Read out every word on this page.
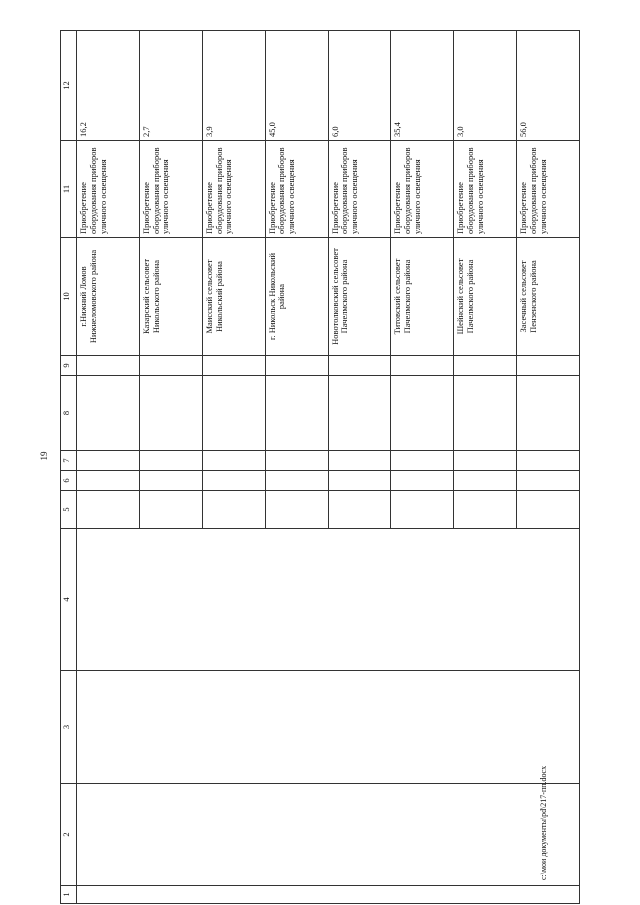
19
1	2	3	4	5	6	7	8	9	10	11	12
									г.Нижний Ломов Нижнеломовского района	Приобретение оборудования приборов уличного освещения	16,2
									Казарский сельсовет Никольского района	Приобретение оборудования приборов уличного освещения	2,7
									Маисский сельсовет Никольский района	Приобретение оборудования приборов уличного освещения	3,9
									г. Никольск Никольский района	Приобретение оборудования приборов уличного освещения	45,0
									Новотолковский сельсовет Пачелмского района	Приобретение оборудования приборов уличного освещения	6,0
									Титовский сельсовет Пачелмского района	Приобретение оборудования приборов уличного освещения	35,4
									Шейнский сельсовет Пачелмского района	Приобретение оборудования приборов уличного освещения	3,0
									Засечный сельсовет Пензенского района	Приобретение оборудования приборов уличного освещения	56,0
c:\мои документы\pd\217-пп.docx
